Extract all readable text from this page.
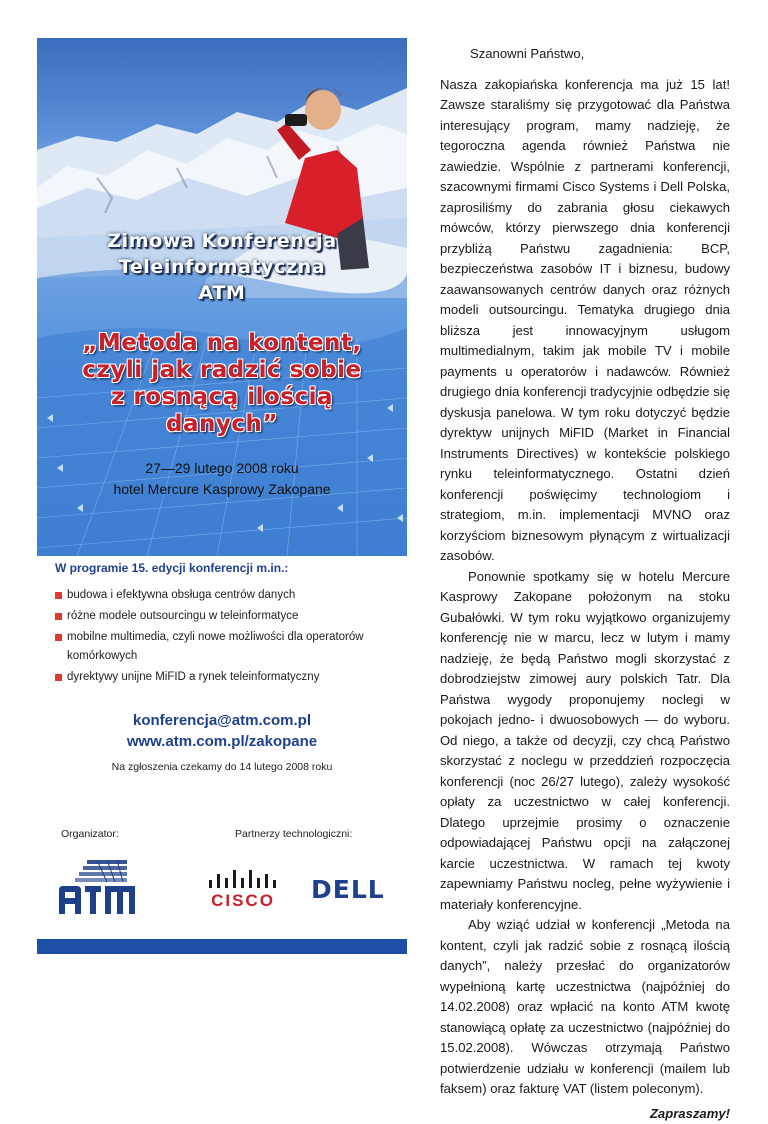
Zimowa Konferencja
Teleinformatyczna
ATM
„Metoda na kontent,
czyli jak radzić sobie
z rosnącą ilością
danych”
27—29 lutego 2008 roku
hotel Mercure Kasprowy Zakopane
W programie 15. edycji konferencji m.in.:
budowa i efektywna obsługa centrów danych
różne modele outsourcingu w teleinformatyce
mobilne multimedia, czyli nowe możliwości dla operatorów komórkowych
dyrektywy unijne MiFID a rynek teleinformatyczny
konferencja@atm.com.pl
www.atm.com.pl/zakopane
Na zgłoszenia czekamy do 14 lutego 2008 roku
Organizator:	Partnerzy technologiczni:
CISCO DELL
Szanowni Państwo,

Nasza zakopiańska konferencja ma już 15 lat! Zawsze staraliśmy się przygotować dla Państwa interesujący program, mamy nadzieję, że tegoroczna agenda również Państwa nie zawiedzie. Wspólnie z partnerami konferencji, szacownymi firmami Cisco Systems i Dell Polska, zaprosiliśmy do zabrania głosu ciekawych mówców, którzy pierwszego dnia konferencji przybliżą Państwu zagadnienia: BCP, bezpieczeństwa zasobów IT i biznesu, budowy zaawansowanych centrów danych oraz różnych modeli outsourcingu. Tematyka drugiego dnia bliższa jest innowacyjnym usługom multimedialnym, takim jak mobile TV i mobile payments u operatorów i nadawców. Również drugiego dnia konferencji tradycyjnie odbędzie się dyskusja panelowa. W tym roku dotyczyć będzie dyrektyw unijnych MiFID (Market in Financial Instruments Directives) w kontekście polskiego rynku teleinformatycznego. Ostatni dzień konferencji poświęcimy technologiom i strategiom, m.in. implementacji MVNO oraz korzyściom biznesowym płynącym z wirtualizacji zasobów.

Ponownie spotkamy się w hotelu Mercure Kasprowy Zakopane położonym na stoku Gubałówki. W tym roku wyjątkowo organizujemy konferencję nie w marcu, lecz w lutym i mamy nadzieję, że będą Państwo mogli skorzystać z dobrodziejstw zimowej aury polskich Tatr. Dla Państwa wygody proponujemy noclegi w pokojach jedno- i dwuosobowych — do wyboru. Od niego, a także od decyzji, czy chcą Państwo skorzystać z noclegu w przeddzień rozpoczęcia konferencji (noc 26/27 lutego), zależy wysokość opłaty za uczestnictwo w całej konferencji. Dlatego uprzejmie prosimy o oznaczenie odpowiadającej Państwu opcji na załączonej karcie uczestnictwa. W ramach tej kwoty zapewniamy Państwu nocleg, pełne wyżywienie i materiały konferencyjne.

Aby wziąć udział w konferencji „Metoda na kontent, czyli jak radzić sobie z rosnącą ilością danych”, należy przesłać do organizatorów wypełnioną kartę uczestnictwa (najpóźniej do 14.02.2008) oraz wpłacić na konto ATM kwotę stanowiącą opłatę za uczestnictwo (najpóźniej do 15.02.2008). Wówczas otrzymają Państwo potwierdzenie udziału w konferencji (mailem lub faksem) oraz fakturę VAT (listem poleconym).

Zapraszamy!
